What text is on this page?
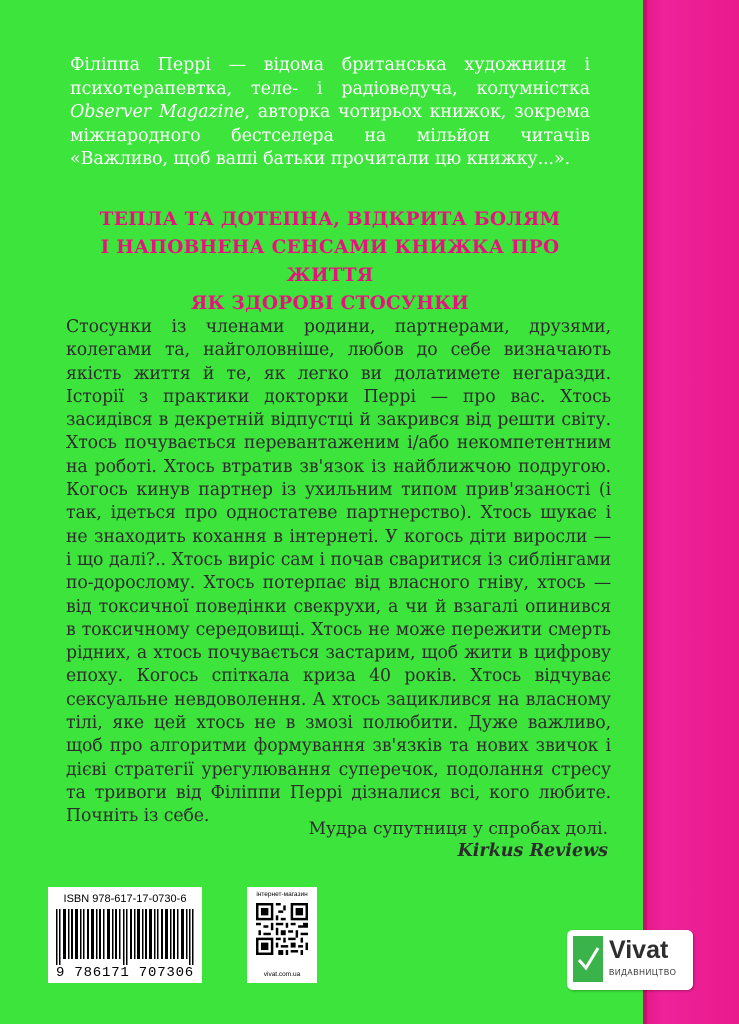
Філіппа Перрі — відома британська художниця і психотерапевтка, теле- і радіоведуча, колумністка Observer Magazine, авторка чотирьох книжок, зокрема міжнародного бестселера на мільйон читачів «Важливо, щоб ваші батьки прочитали цю книжку...».
ТЕПЛА ТА ДОТЕПНА, ВІДКРИТА БОЛЯМ
І НАПОВНЕНА СЕНСАМИ КНИЖКА ПРО ЖИТТЯ
ЯК ЗДОРОВІ СТОСУНКИ
Стосунки із членами родини, партнерами, друзями, колегами та, найголовніше, любов до себе визначають якість життя й те, як легко ви долатимете негаразди. Історії з практики докторки Перрі — про вас. Хтось засидівся в декретній відпустці й закрився від решти світу. Хтось почувається перевантаженим і/або некомпетентним на роботі. Хтось втратив зв'язок із найближчою подругою. Когось кинув партнер із ухильним типом прив'язаності (і так, ідеться про одностатеве партнерство). Хтось шукає і не знаходить кохання в інтернеті. У когось діти виросли — і що далі?.. Хтось виріс сам і почав сваритися із сиблінгами по-дорослому. Хтось потерпає від власного гніву, хтось — від токсичної поведінки свекрухи, а чи й взагалі опинився в токсичному середовищі. Хтось не може пережити смерть рідних, а хтось почувається застарим, щоб жити в цифрову епоху. Когось спіткала криза 40 років. Хтось відчуває сексуальне невдоволення. А хтось зациклився на власному тілі, яке цей хтось не в змозі полюбити. Дуже важливо, щоб про алгоритми формування зв'язків та нових звичок і дієві стратегії урегулювання суперечок, подолання стресу та тривоги від Філіппи Перрі дізналися всі, кого любите. Почніть із себе.
Мудра супутниця у спробах долі.
Kirkus Reviews
ISBN 978-617-17-0730-6
9 786171 707306
інтернет-магазин
vivat.com.ua
Vivat
ВИДАВНИЦТВО
